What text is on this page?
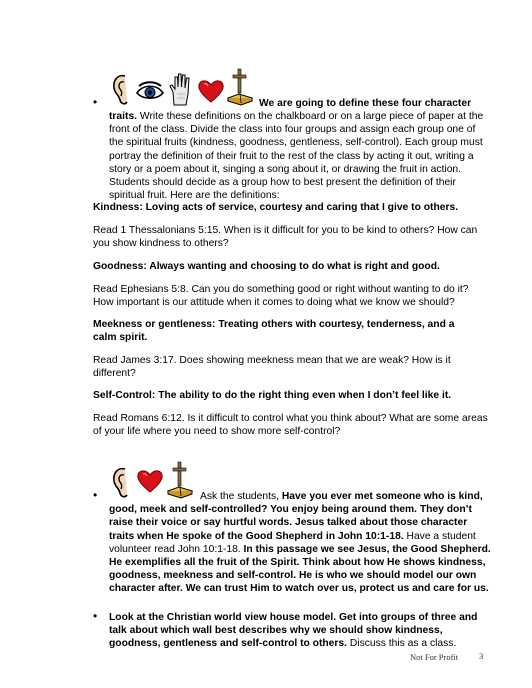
•	We are going to define these four character
traits. Write these definitions on the chalkboard or on a large piece of paper at the front of the class. Divide the class into four groups and assign each group one of the spiritual fruits (kindness, goodness, gentleness, self-control). Each group must portray the definition of their fruit to the rest of the class by acting it out, writing a story or a poem about it, singing a song about it, or drawing the fruit in action. Students should decide as a group how to best present the definition of their spiritual fruit. Here are the definitions:
Kindness: Loving acts of service, courtesy and caring that I give to others.
Read 1 Thessalonians 5:15. When is it difficult for you to be kind to others? How can you show kindness to others?
Goodness: Always wanting and choosing to do what is right and good.
Read Ephesians 5:8. Can you do something good or right without wanting to do it? How important is our attitude when it comes to doing what we know we should?
Meekness or gentleness: Treating others with courtesy, tenderness, and a calm spirit.
Read James 3:17. Does showing meekness mean that we are weak? How is it different?
Self-Control: The ability to do the right thing even when I don’t feel like it.
Read Romans 6:12. Is it difficult to control what you think about? What are some areas of your life where you need to show more self-control?
•	Ask the students, Have you ever met someone who is kind, good, meek and self-controlled? You enjoy being around them. They don’t raise their voice or say hurtful words. Jesus talked about those character traits when He spoke of the Good Shepherd in John 10:1-18. Have a student volunteer read John 10:1-18. In this passage we see Jesus, the Good Shepherd. He exemplifies all the fruit of the Spirit. Think about how He shows kindness, goodness, meekness and self-control. He is who we should model our own character after. We can trust Him to watch over us, protect us and care for us.
• Look at the Christian world view house model. Get into groups of three and talk about which wall best describes why we should show kindness, goodness, gentleness and self-control to others. Discuss this as a class.
Not For Profit 3
